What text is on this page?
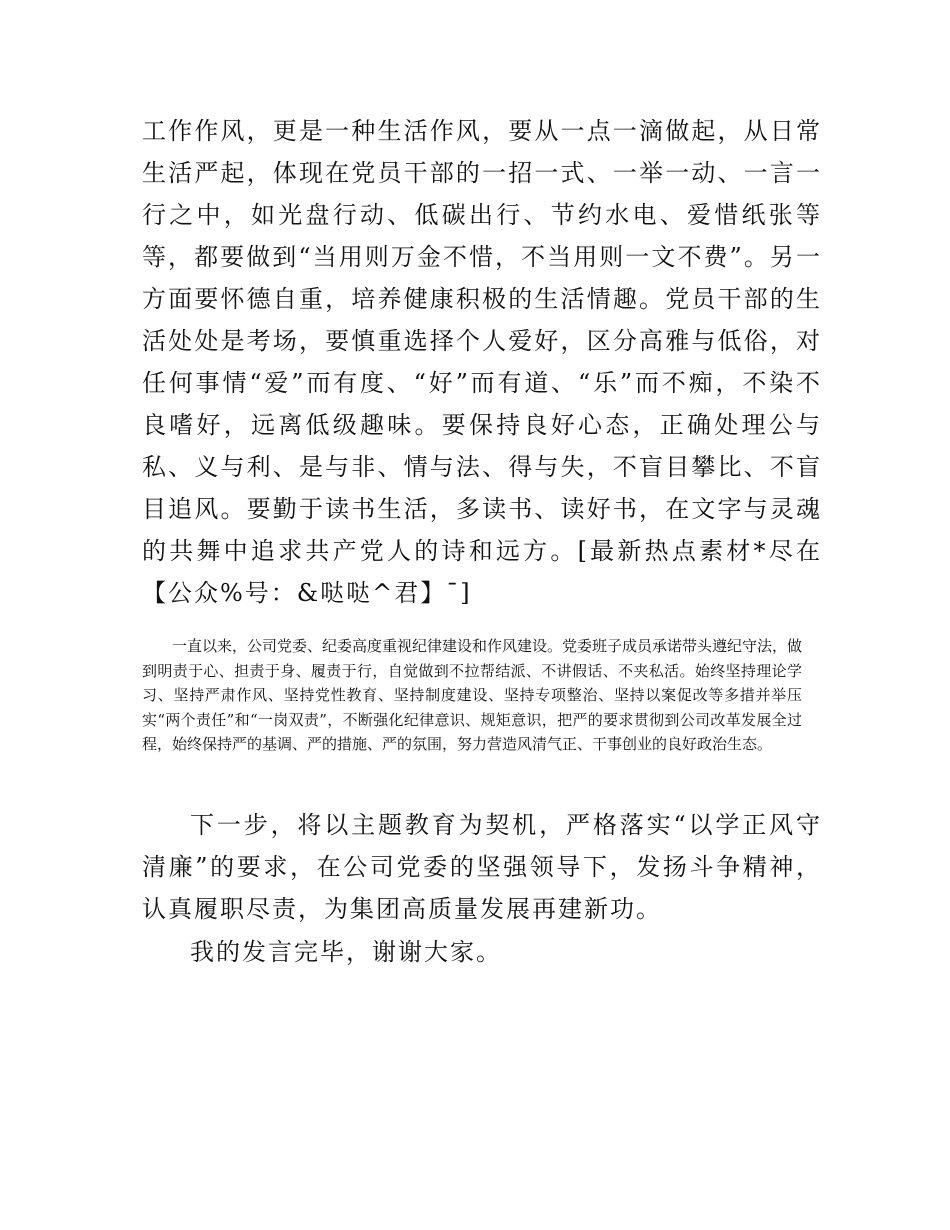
工作作风，更是一种生活作风，要从一点一滴做起，从日常生活严起，体现在党员干部的一招一式、一举一动、一言一行之中，如光盘行动、低碳出行、节约水电、爱惜纸张等等，都要做到“当用则万金不惜，不当用则一文不费”。另一方面要怀德自重，培养健康积极的生活情趣。党员干部的生活处处是考场，要慎重选择个人爱好，区分高雅与低俗，对任何事情“爱”而有度、“好”而有道、“乐”而不痴，不染不良嗜好，远离低级趣味。要保持良好心态，正确处理公与私、义与利、是与非、情与法、得与失，不盲目攀比、不盲目追风。要勤于读书生活，多读书、读好书，在文字与灵魂的共舞中追求共产党人的诗和远方。[最新热点素材*尽在【公众%号：&哒哒^君】¯]

一直以来，公司党委、纪委高度重视纪律建设和作风建设。党委班子成员承诺带头遵纪守法，做到明责于心、担责于身、履责于行，自觉做到不拉帮结派、不讲假话、不夹私活。始终坚持理论学习、坚持严肃作风、坚持党性教育、坚持制度建设、坚持专项整治、坚持以案促改等多措并举压实“两个责任”和“一岗双责”，不断强化纪律意识、规矩意识，把严的要求贯彻到公司改革发展全过程，始终保持严的基调、严的措施、严的氛围，努力营造风清气正、干事创业的良好政治生态。

下一步，将以主题教育为契机，严格落实“以学正风守清廉”的要求，在公司党委的坚强领导下，发扬斗争精神，认真履职尽责，为集团高质量发展再建新功。

我的发言完毕，谢谢大家。
